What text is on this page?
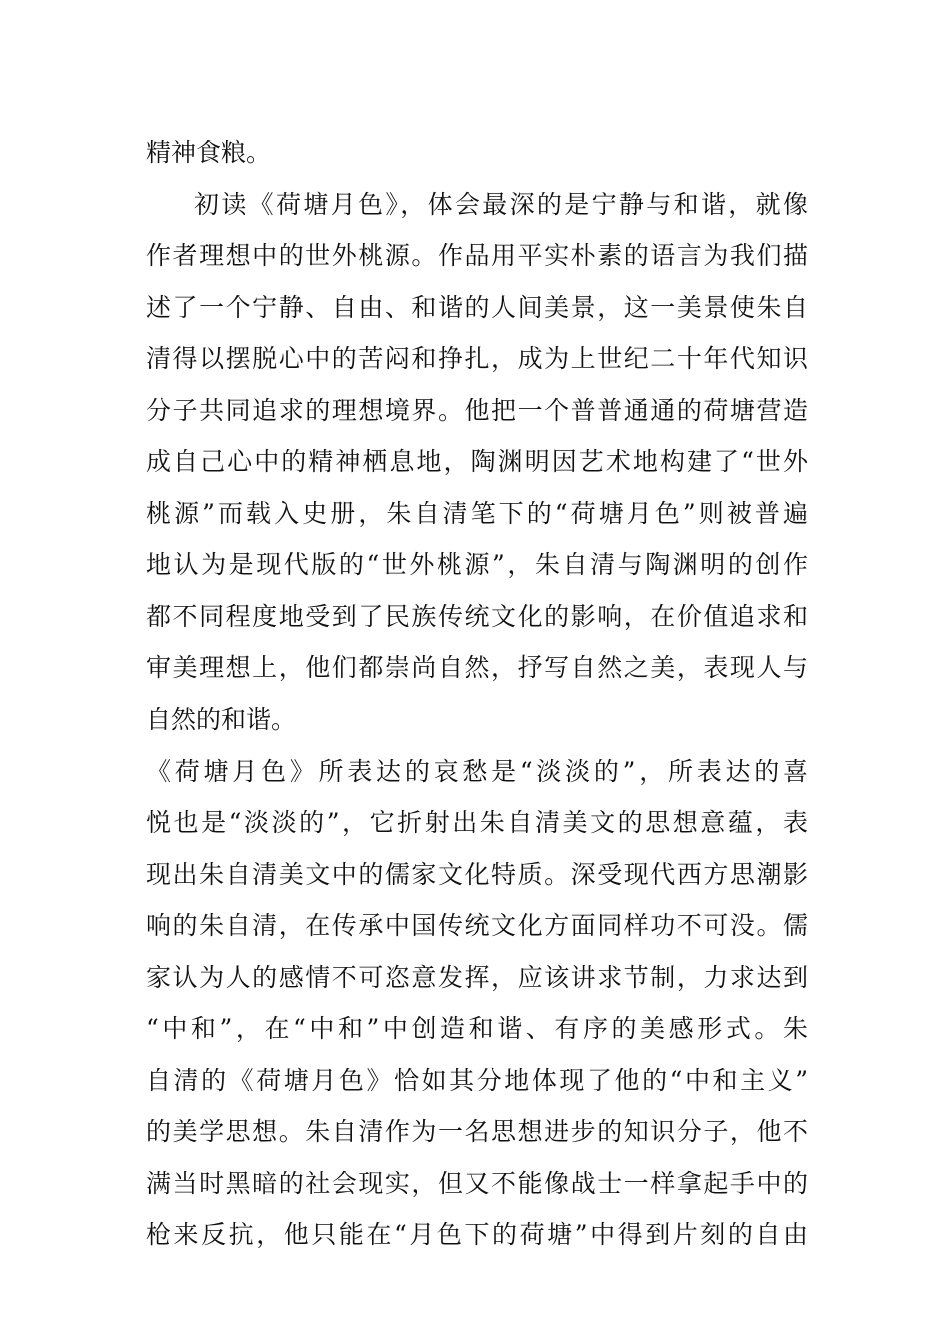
精神食粮。
初读《荷塘月色》，体会最深的是宁静与和谐，就像
作者理想中的世外桃源。作品用平实朴素的语言为我们描
述了一个宁静、自由、和谐的人间美景，这一美景使朱自
清得以摆脱心中的苦闷和挣扎，成为上世纪二十年代知识
分子共同追求的理想境界。他把一个普普通通的荷塘营造
成自己心中的精神栖息地，陶渊明因艺术地构建了“世外
桃源”而载入史册，朱自清笔下的“荷塘月色”则被普遍
地认为是现代版的“世外桃源”，朱自清与陶渊明的创作
都不同程度地受到了民族传统文化的影响，在价值追求和
审美理想上，他们都崇尚自然，抒写自然之美，表现人与
自然的和谐。
《荷塘月色》所表达的哀愁是“淡淡的”，所表达的喜
悦也是“淡淡的”，它折射出朱自清美文的思想意蕴，表
现出朱自清美文中的儒家文化特质。深受现代西方思潮影
响的朱自清，在传承中国传统文化方面同样功不可没。儒
家认为人的感情不可恣意发挥，应该讲求节制，力求达到
“中和”，在“中和”中创造和谐、有序的美感形式。朱
自清的《荷塘月色》恰如其分地体现了他的“中和主义”
的美学思想。朱自清作为一名思想进步的知识分子，他不
满当时黑暗的社会现实，但又不能像战士一样拿起手中的
枪来反抗，他只能在“月色下的荷塘”中得到片刻的自由
